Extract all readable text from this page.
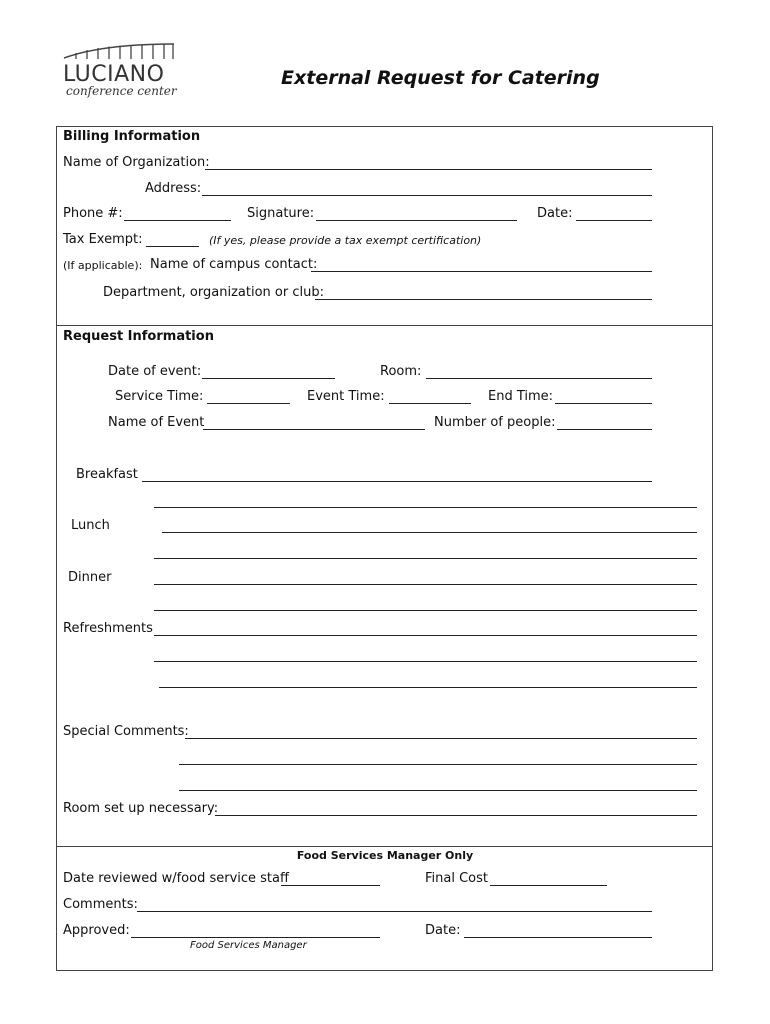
LUCIANO
conference center
External Request for Catering
Billing Information
Name of Organization:
Address:
Phone #:	Signature:	Date:
Tax Exempt:	(If yes, please provide a tax exempt certification)
(If applicable): Name of campus contact:
Department, organization or club:
Request Information
Date of event:	Room:
Service Time:	Event Time:	End Time:
Name of Event	Number of people:
Breakfast
Lunch
Dinner
Refreshments
Special Comments:
Room set up necessary:
Food Services Manager Only
Date reviewed w/food service staff	Final Cost
Comments:
Approved:	Date:
Food Services Manager
